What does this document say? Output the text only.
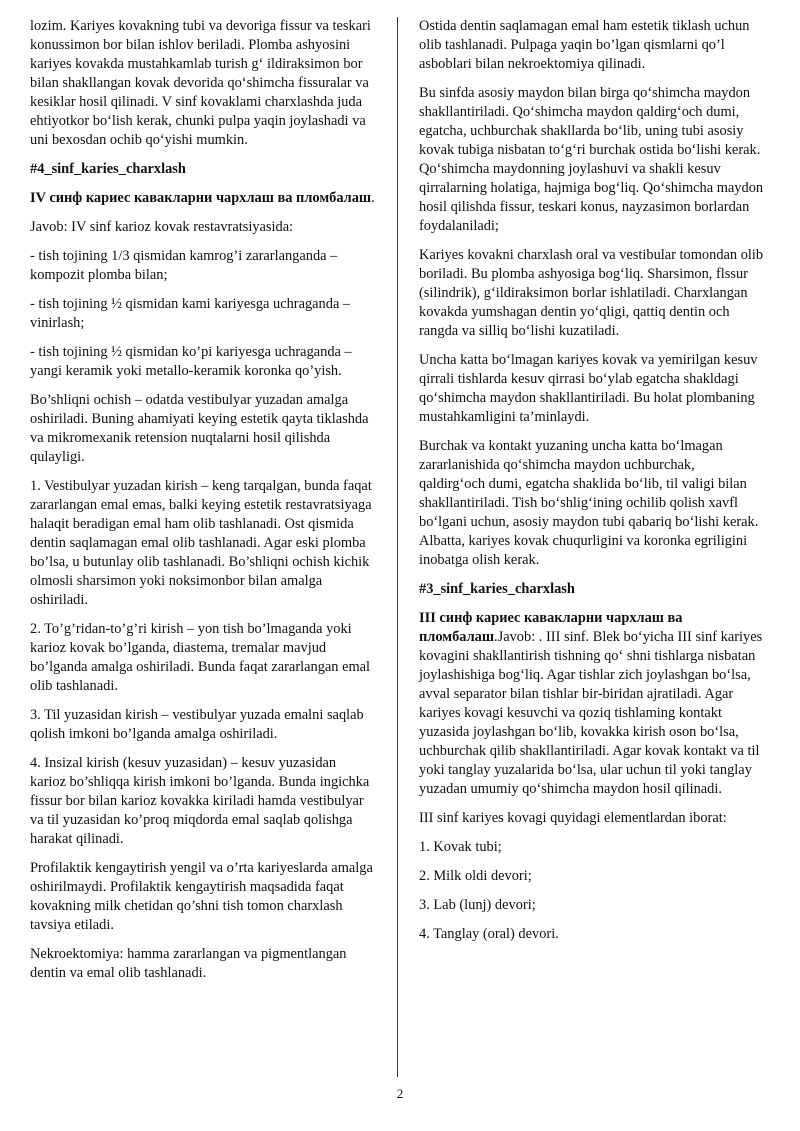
lozim. Kariyes kovakning tubi va devoriga fissur va teskari konussimon bor bilan ishlov beriladi. Plomba ashyosini kariyes kovakda mustahkamlab turish g‘ ildiraksimon bor bilan shakllangan kovak devorida qo‘shimcha fissuralar va kesiklar hosil qilinadi. V sinf kovaklami charxlashda juda ehtiyotkor bo‘lish kerak, chunki pulpa yaqin joylashadi va uni bexosdan ochib qo‘yishi mumkin.

#4_sinf_karies_charxlash

IV синф кариес кавакларни чархлаш ва пломбалаш.

Javob: IV sinf karioz kovak restavratsiyasida:

- tish tojining 1/3 qismidan kamrog’i zararlanganda – kompozit plomba bilan;

- tish tojining ½ qismidan kami kariyesga uchraganda – vinirlash;

- tish tojining ½ qismidan ko’pi kariyesga uchraganda – yangi keramik yoki metallo-keramik koronka qo’yish.

Bo’shliqni ochish – odatda vestibulyar yuzadan amalga oshiriladi. Buning ahamiyati keying estetik qayta tiklashda va mikromexanik retension nuqtalarni hosil qilishda qulayligi.

1. Vestibulyar yuzadan kirish – keng tarqalgan, bunda faqat zararlangan emal emas, balki keying estetik restavratsiyaga halaqit beradigan emal ham olib tashlanadi. Ost qismida dentin saqlamagan emal olib tashlanadi. Agar eski plomba bo’lsa, u butunlay olib tashlanadi. Bo’shliqni ochish kichik olmosli sharsimon yoki noksimonbor bilan amalga oshiriladi.

2. To’g’ridan-to’g’ri kirish – yon tish bo’lmaganda yoki karioz kovak bo’lganda, diastema, tremalar mavjud bo’lganda amalga oshiriladi. Bunda faqat zararlangan emal olib tashlanadi.

3. Til yuzasidan kirish – vestibulyar yuzada emalni saqlab qolish imkoni bo’lganda amalga oshiriladi.

4. Insizal kirish (kesuv yuzasidan) – kesuv yuzasidan karioz bo’shliqqa kirish imkoni bo’lganda. Bunda ingichka fissur bor bilan karioz kovakka kiriladi hamda vestibulyar va til yuzasidan ko’proq miqdorda emal saqlab qolishga harakat qilinadi.

Profilaktik kengaytirish yengil va o’rta kariyeslarda amalga oshirilmaydi. Profilaktik kengaytirish maqsadida faqat kovakning milk chetidan qo’shni tish tomon charxlash tavsiya etiladi.

Nekroektomiya: hamma zararlangan va pigmentlangan dentin va emal olib tashlanadi.

Ostida dentin saqlamagan emal ham estetik tiklash uchun olib tashlanadi. Pulpaga yaqin bo’lgan qismlarni qo’l asboblari bilan nekroektomiya qilinadi.

Bu sinfda asosiy maydon bilan birga qo‘shimcha maydon shakllantiriladi. Qo‘shimcha maydon qaldirg‘och dumi, egatcha, uchburchak shakllarda bo‘lib, uning tubi asosiy kovak tubiga nisbatan to‘g‘ri burchak ostida bo‘lishi kerak. Qo‘shimcha maydonning joylashuvi va shakli kesuv qirralarning holatiga, hajmiga bog‘liq. Qo‘shimcha maydon hosil qilishda fissur, teskari konus, nayzasimon borlardan foydalaniladi;

Kariyes kovakni charxlash oral va vestibular tomondan olib boriladi. Bu plomba ashyosiga bog‘liq. Sharsimon, flssur (silindrik), g‘ildiraksimon borlar ishlatiladi. Charxlangan kovakda yumshagan dentin yo‘qligi, qattiq dentin och rangda va silliq bo‘lishi kuzatiladi.

Uncha katta bo‘lmagan kariyes kovak va yemirilgan kesuv qirrali tishlarda kesuv qirrasi bo‘ylab egatcha shakldagi qo‘shimcha maydon shakllantiriladi. Bu holat plombaning mustahkamligini ta’minlaydi.

Burchak va kontakt yuzaning uncha katta bo‘lmagan zararlanishida qo‘shimcha maydon uchburchak, qaldirg‘och dumi, egatcha shaklida bo‘lib, til valigi bilan shakllantiriladi. Tish bo‘shlig‘ining ochilib qolish xavfl bo‘lgani uchun, asosiy maydon tubi qabariq bo‘lishi kerak. Albatta, kariyes kovak chuqurligini va koronka egriligini inobatga olish kerak.

#3_sinf_karies_charxlash

III синф кариес кавакларни чархлаш ва пломбалаш.Javob: . III sinf. Blek bo‘yicha III sinf kariyes kovagini shakllantirish tishning qo‘ shni tishlarga nisbatan joylashishiga bog‘liq. Agar tishlar zich joylashgan bo‘lsa, avval separator bilan tishlar bir-biridan ajratiladi. Agar kariyes kovagi kesuvchi va qoziq tishlaming kontakt yuzasida joylashgan bo‘lib, kovakka kirish oson bo‘lsa, uchburchak qilib shakllantiriladi. Agar kovak kontakt va til yoki tanglay yuzalarida bo‘lsa, ular uchun til yoki tanglay yuzadan umumiy qo‘shimcha maydon hosil qilinadi.

III sinf kariyes kovagi quyidagi elementlardan iborat:

1. Kovak tubi;

2. Milk oldi devori;

3. Lab (lunj) devori;

4. Tanglay (oral) devori.

2
